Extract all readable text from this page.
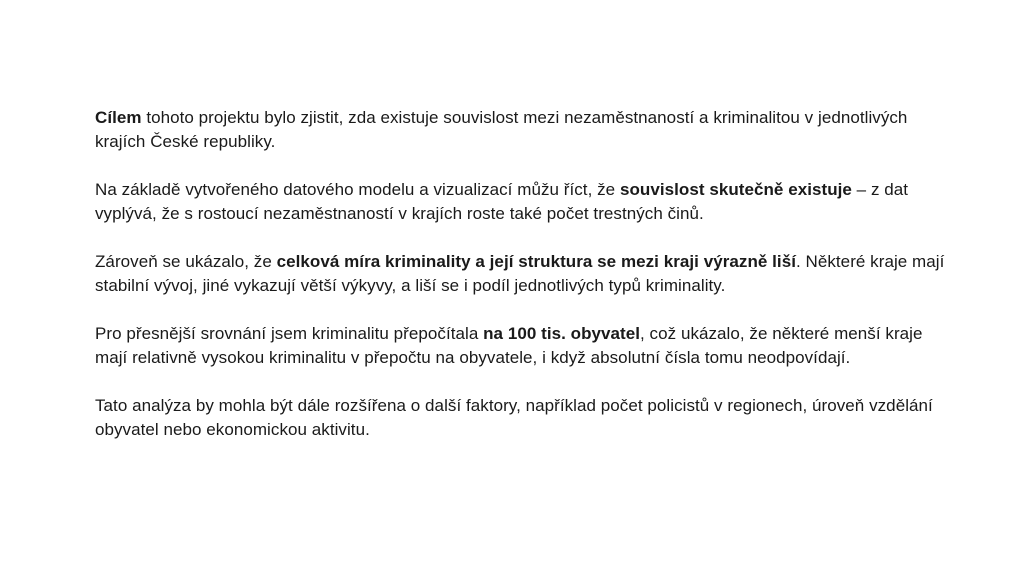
Cílem tohoto projektu bylo zjistit, zda existuje souvislost mezi nezaměstnaností a kriminalitou v jednotlivých krajích České republiky.

Na základě vytvořeného datového modelu a vizualizací můžu říct, že souvislost skutečně existuje – z dat vyplývá, že s rostoucí nezaměstnaností v krajích roste také počet trestných činů.

Zároveň se ukázalo, že celková míra kriminality a její struktura se mezi kraji výrazně liší. Některé kraje mají stabilní vývoj, jiné vykazují větší výkyvy, a liší se i podíl jednotlivých typů kriminality.

Pro přesnější srovnání jsem kriminalitu přepočítala na 100 tis. obyvatel, což ukázalo, že některé menší kraje mají relativně vysokou kriminalitu v přepočtu na obyvatele, i když absolutní čísla tomu neodpovídají.

Tato analýza by mohla být dále rozšířena o další faktory, například počet policistů v regionech, úroveň vzdělání obyvatel nebo ekonomickou aktivitu.
